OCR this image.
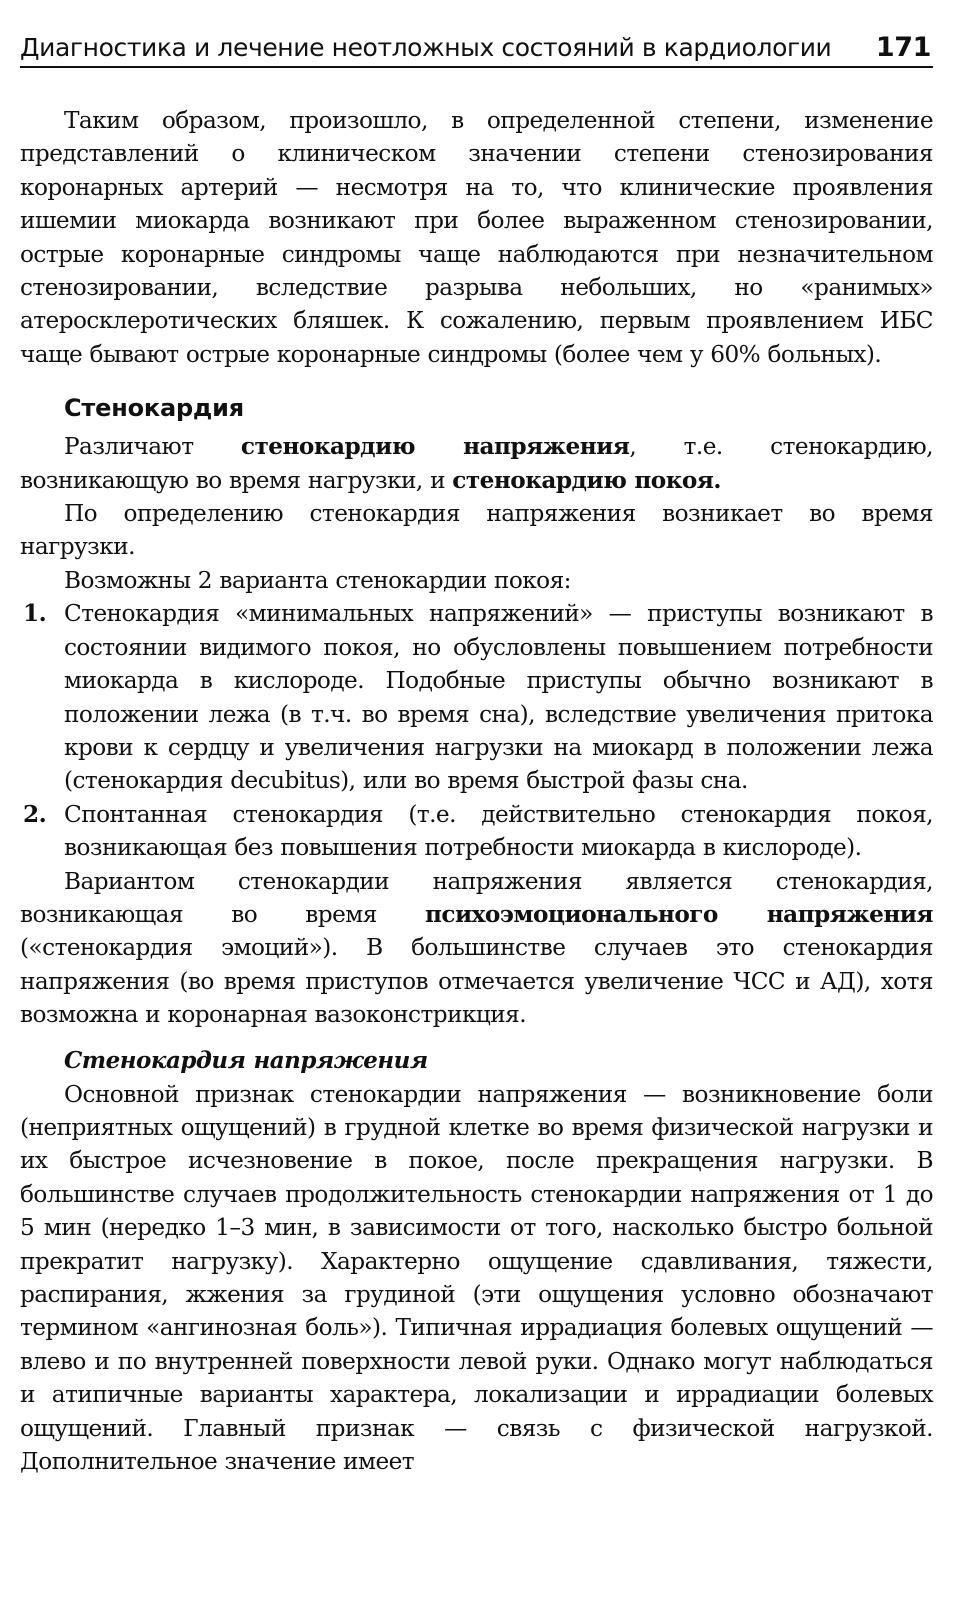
Диагностика и лечение неотложных состояний в кардиологии 171

Таким образом, произошло, в определенной степени, изменение представлений о клиническом значении степени стенозирования коронарных артерий — несмотря на то, что клинические проявления ишемии миокарда возникают при более выраженном стенозировании, острые коронарные синдромы чаще наблюдаются при незначительном стенозировании, вследствие разрыва небольших, но «ранимых» атеросклеротических бляшек. К сожалению, первым проявлением ИБС чаще бывают острые коронарные синдромы (более чем у 60% больных).

Стенокардия

Различают стенокардию напряжения, т.е. стенокардию, возникающую во время нагрузки, и стенокардию покоя.

По определению стенокардия напряжения возникает во время нагрузки.

Возможны 2 варианта стенокардии покоя:

1. Стенокардия «минимальных напряжений» — приступы возникают в состоянии видимого покоя, но обусловлены повышением потребности миокарда в кислороде. Подобные приступы обычно возникают в положении лежа (в т.ч. во время сна), вследствие увеличения притока крови к сердцу и увеличения нагрузки на миокард в положении лежа (стенокардия decubitus), или во время быстрой фазы сна.
2. Спонтанная стенокардия (т.е. действительно стенокардия покоя, возникающая без повышения потребности миокарда в кислороде).

Вариантом стенокардии напряжения является стенокардия, возникающая во время психоэмоционального напряжения («стенокардия эмоций»). В большинстве случаев это стенокардия напряжения (во время приступов отмечается увеличение ЧСС и АД), хотя возможна и коронарная вазоконстрикция.

Стенокардия напряжения

Основной признак стенокардии напряжения — возникновение боли (неприятных ощущений) в грудной клетке во время физической нагрузки и их быстрое исчезновение в покое, после прекращения нагрузки. В большинстве случаев продолжительность стенокардии напряжения от 1 до 5 мин (нередко 1–3 мин, в зависимости от того, насколько быстро больной прекратит нагрузку). Характерно ощущение сдавливания, тяжести, распирания, жжения за грудиной (эти ощущения условно обозначают термином «ангинозная боль»). Типичная иррадиация болевых ощущений — влево и по внутренней поверхности левой руки. Однако могут наблюдаться и атипичные варианты характера, локализации и иррадиации болевых ощущений. Главный признак — связь с физической нагрузкой. Дополнительное значение имеет
